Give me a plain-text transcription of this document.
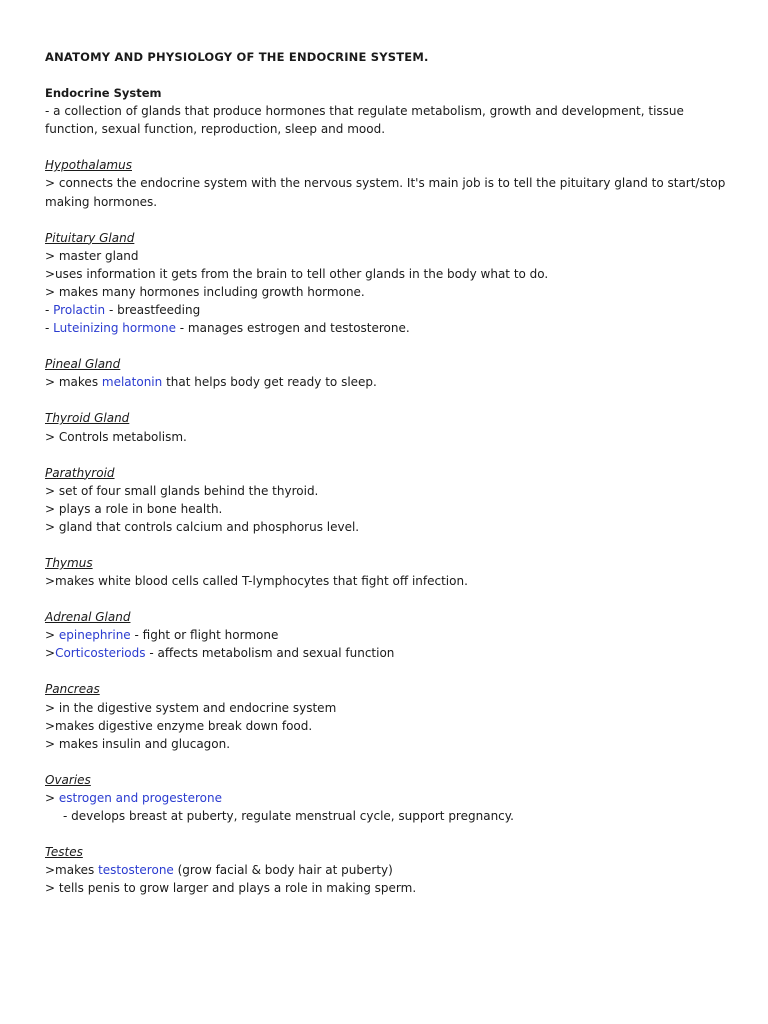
ANATOMY AND PHYSIOLOGY OF THE ENDOCRINE SYSTEM.

Endocrine System

- a collection of glands that produce hormones that regulate metabolism, growth and development, tissue function, sexual function, reproduction, sleep and mood.

Hypothalamus

> connects the endocrine system with the nervous system. It's main job is to tell the pituitary gland to start/stop making hormones.

Pituitary Gland

> master gland

>uses information it gets from the brain to tell other glands in the body what to do.

> makes many hormones including growth hormone.

- Prolactin - breastfeeding

- Luteinizing hormone - manages estrogen and testosterone.

Pineal Gland

> makes melatonin that helps body get ready to sleep.

Thyroid Gland

> Controls metabolism.

Parathyroid

> set of four small glands behind the thyroid.

> plays a role in bone health.

> gland that controls calcium and phosphorus level.

Thymus

>makes white blood cells called T-lymphocytes that fight off infection.

Adrenal Gland

> epinephrine - fight or flight hormone

>Corticosteriods - affects metabolism and sexual function

Pancreas

> in the digestive system and endocrine system

>makes digestive enzyme break down food.

> makes insulin and glucagon.

Ovaries

> estrogen and progesterone

- develops breast at puberty, regulate menstrual cycle, support pregnancy.

Testes

>makes testosterone (grow facial & body hair at puberty)

> tells penis to grow larger and plays a role in making sperm.
